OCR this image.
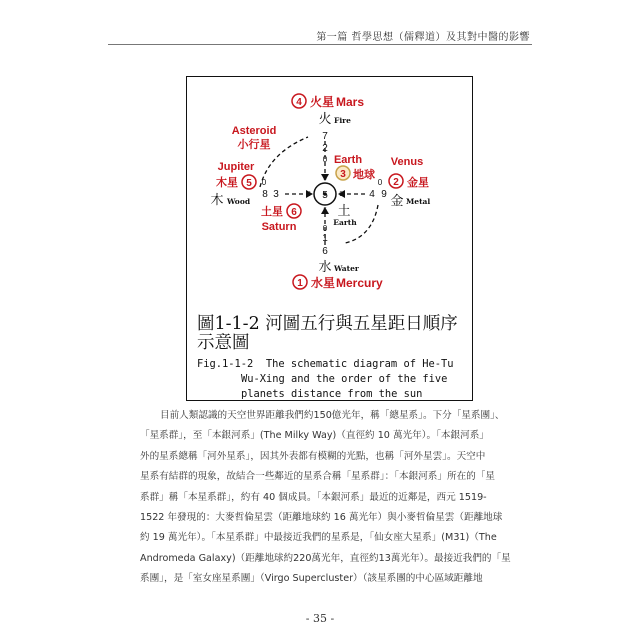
第一篇 哲學思想（儒釋道）及其對中醫的影響
5
5
5
5
5
4 火星 Mars
火 Fire
7
2
0
Asteroid
小行星
Earth
3 地球
土
Earth
Venus
2 金星
4 9
0
金 Metal
Jupiter
木星 5
木 Wood
8 3
0
土星 6
Saturn	0
1
6
水 Water
1 水星 Mercury
圖1-1-2 河圖五行與五星距日順序示意圖
Fig.1-1-2  The schematic diagram of He-Tu
Wu-Xing and the order of the five
planets distance from the sun
目前人類認識的天空世界距離我們約150億光年，稱「總星系」。下分「星系團」、
「星系群」，至「本銀河系」(The Milky Way)（直徑約 10 萬光年）。「本銀河系」
外的星系總稱「河外星系」，因其外表都有模糊的光點，也稱「河外星雲」。天空中
星系有結群的現象，故結合一些鄰近的星系合稱「星系群」：「本銀河系」所在的「星
系群」稱「本星系群」，約有 40 個成員。「本銀河系」最近的近鄰是，西元 1519-
1522 年發現的：大麥哲倫星雲（距離地球約 16 萬光年）與小麥哲倫星雲（距離地球
約 19 萬光年）。「本星系群」中最接近我們的星系是，「仙女座大星系」(M31)（The
Andromeda Galaxy)（距離地球約220萬光年，直徑約13萬光年）。最接近我們的「星
系團」，是「室女座星系團」（Virgo Supercluster）（該星系團的中心區域距離地
- 35 -
